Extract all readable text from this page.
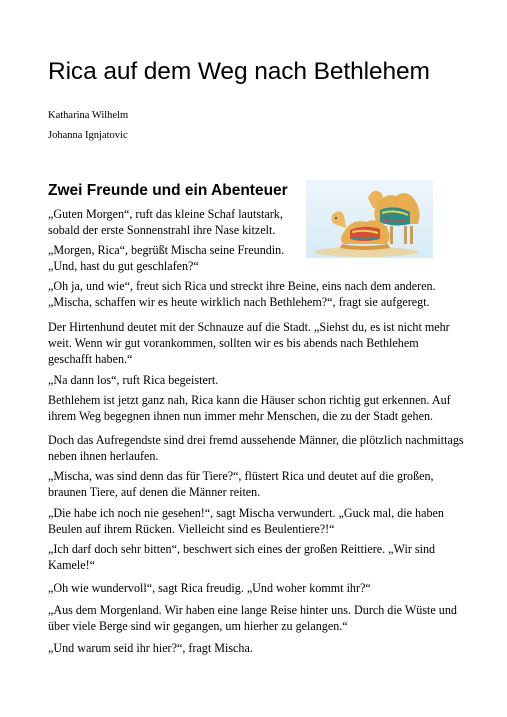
Rica auf dem Weg nach Bethlehem

Katharina Wilhelm

Johanna Ignjatovic

Zwei Freunde und ein Abenteuer

„Guten Morgen“, ruft das kleine Schaf lautstark,
sobald der erste Sonnenstrahl ihre Nase kitzelt.

„Morgen, Rica“, begrüßt Mischa seine Freundin.
„Und, hast du gut geschlafen?“

„Oh ja, und wie“, freut sich Rica und streckt ihre Beine, eins nach dem anderen.
„Mischa, schaffen wir es heute wirklich nach Bethlehem?“, fragt sie aufgeregt.

Der Hirtenhund deutet mit der Schnauze auf die Stadt. „Siehst du, es ist nicht mehr
weit. Wenn wir gut vorankommen, sollten wir es bis abends nach Bethlehem
geschafft haben.“

„Na dann los“, ruft Rica begeistert.

Bethlehem ist jetzt ganz nah, Rica kann die Häuser schon richtig gut erkennen. Auf
ihrem Weg begegnen ihnen nun immer mehr Menschen, die zu der Stadt gehen.

Doch das Aufregendste sind drei fremd aussehende Männer, die plötzlich nachmittags
neben ihnen herlaufen.

„Mischa, was sind denn das für Tiere?“, flüstert Rica und deutet auf die großen,
braunen Tiere, auf denen die Männer reiten.

„Die habe ich noch nie gesehen!“, sagt Mischa verwundert. „Guck mal, die haben
Beulen auf ihrem Rücken. Vielleicht sind es Beulentiere?!“

„Ich darf doch sehr bitten“, beschwert sich eines der großen Reittiere. „Wir sind
Kamele!“

„Oh wie wundervoll“, sagt Rica freudig. „Und woher kommt ihr?“

„Aus dem Morgenland. Wir haben eine lange Reise hinter uns. Durch die Wüste und
über viele Berge sind wir gegangen, um hierher zu gelangen.“

„Und warum seid ihr hier?“, fragt Mischa.
